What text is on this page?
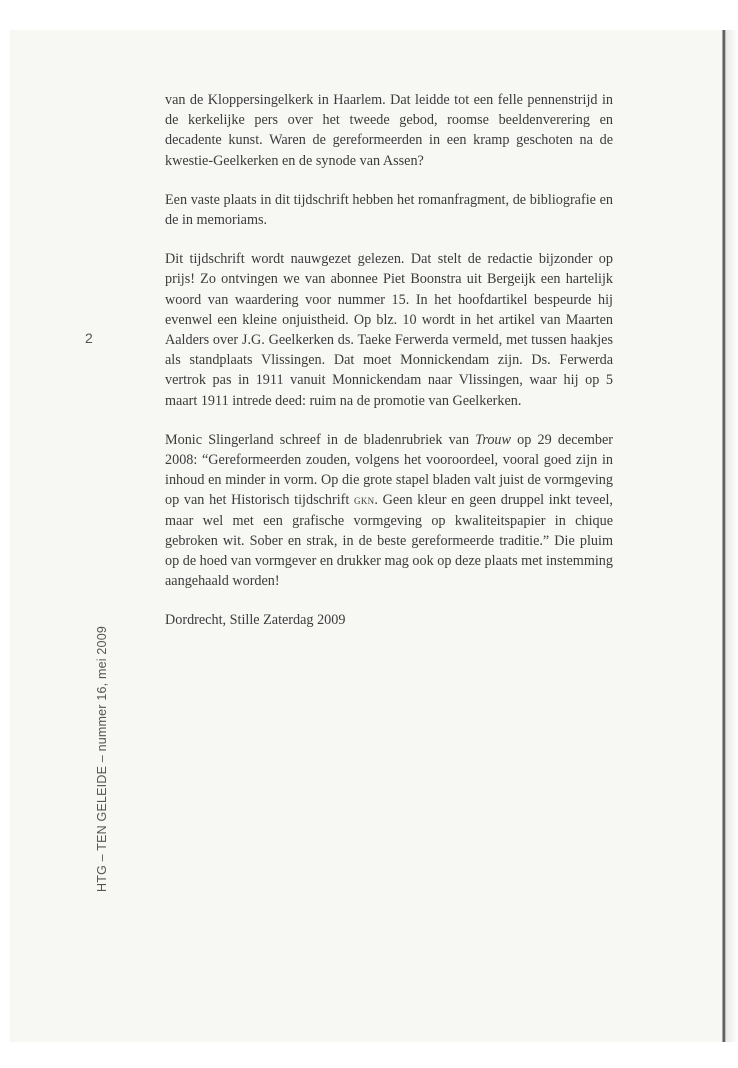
van de Kloppersingelkerk in Haarlem. Dat leidde tot een felle pennenstrijd in de kerkelijke pers over het tweede gebod, roomse beeldenverering en decadente kunst. Waren de gereformeerden in een kramp geschoten na de kwestie-Geelkerken en de synode van Assen?

Een vaste plaats in dit tijdschrift hebben het romanfragment, de bibliografie en de in memoriams.

Dit tijdschrift wordt nauwgezet gelezen. Dat stelt de redactie bijzonder op prijs! Zo ontvingen we van abonnee Piet Boonstra uit Bergeijk een hartelijk woord van waardering voor nummer 15. In het hoofdartikel bespeurde hij evenwel een kleine onjuistheid. Op blz. 10 wordt in het artikel van Maarten Aalders over J.G. Geelkerken ds. Taeke Ferwerda vermeld, met tussen haakjes als standplaats Vlissingen. Dat moet Monnickendam zijn. Ds. Ferwerda vertrok pas in 1911 vanuit Monnickendam naar Vlissingen, waar hij op 5 maart 1911 intrede deed: ruim na de promotie van Geelkerken.

Monic Slingerland schreef in de bladenrubriek van Trouw op 29 december 2008: “Gereformeerden zouden, volgens het vooroordeel, vooral goed zijn in inhoud en minder in vorm. Op die grote stapel bladen valt juist de vormgeving op van het Historisch tijdschrift gkn. Geen kleur en geen druppel inkt teveel, maar wel met een grafische vormgeving op kwaliteitspapier in chique gebroken wit. Sober en strak, in de beste gereformeerde traditie.” Die pluim op de hoed van vormgever en drukker mag ook op deze plaats met instemming aangehaald worden!

Dordrecht, Stille Zaterdag 2009

2
HTG – TEN GELEIDE – nummer 16, mei 2009
